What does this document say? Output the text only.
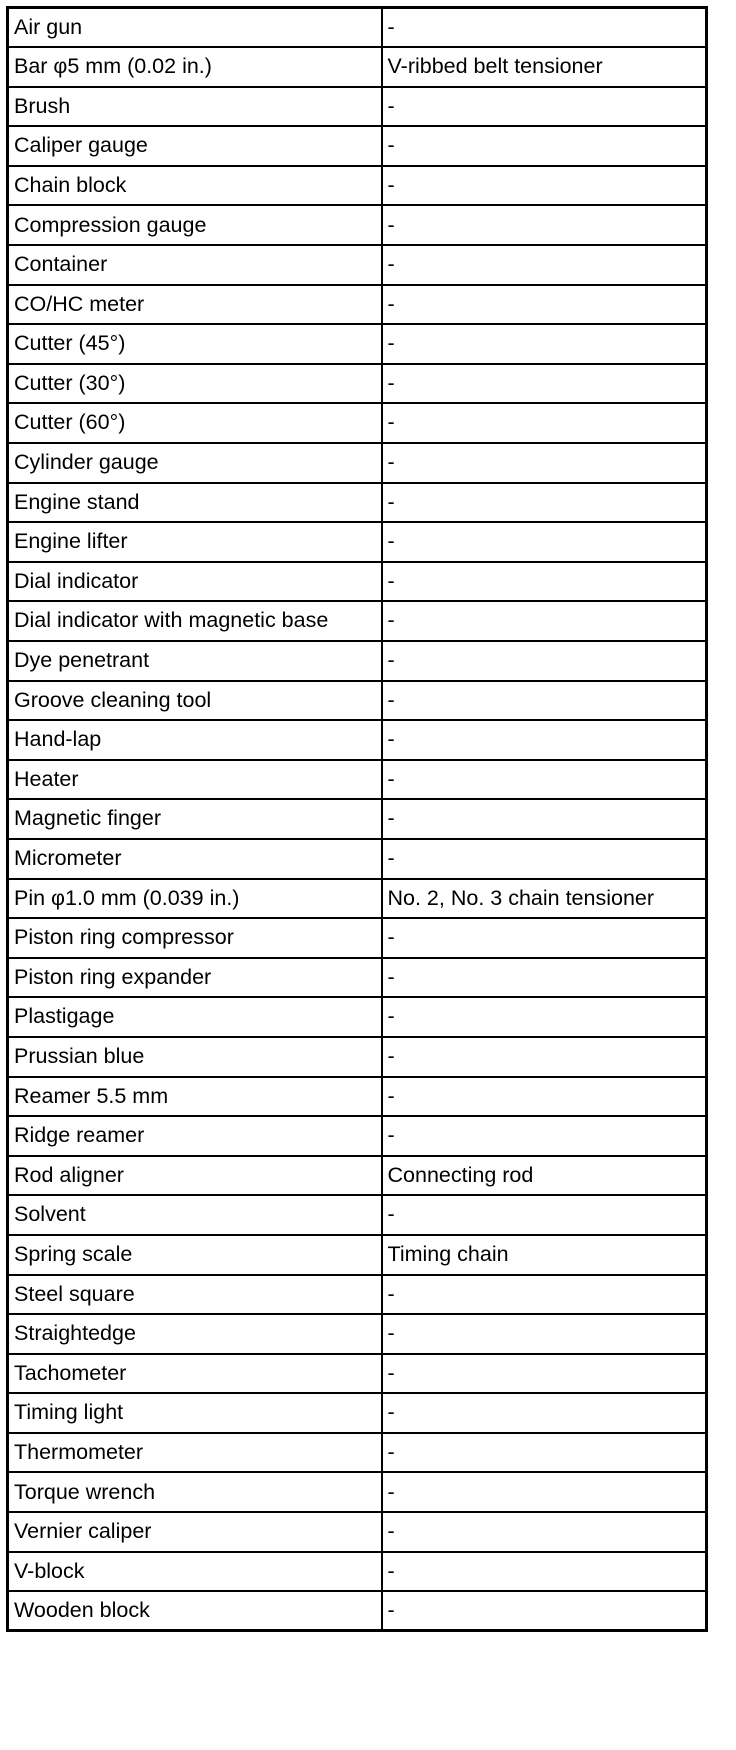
Air gun	-
Bar φ5 mm (0.02 in.)	V-ribbed belt tensioner
Brush	-
Caliper gauge	-
Chain block	-
Compression gauge	-
Container	-
CO/HC meter	-
Cutter (45°)	-
Cutter (30°)	-
Cutter (60°)	-
Cylinder gauge	-
Engine stand	-
Engine lifter	-
Dial indicator	-
Dial indicator with magnetic base	-
Dye penetrant	-
Groove cleaning tool	-
Hand-lap	-
Heater	-
Magnetic finger	-
Micrometer	-
Pin φ1.0 mm (0.039 in.)	No. 2, No. 3 chain tensioner
Piston ring compressor	-
Piston ring expander	-
Plastigage	-
Prussian blue	-
Reamer 5.5 mm	-
Ridge reamer	-
Rod aligner	Connecting rod
Solvent	-
Spring scale	Timing chain
Steel square	-
Straightedge	-
Tachometer	-
Timing light	-
Thermometer	-
Torque wrench	-
Vernier caliper	-
V-block	-
Wooden block	-
